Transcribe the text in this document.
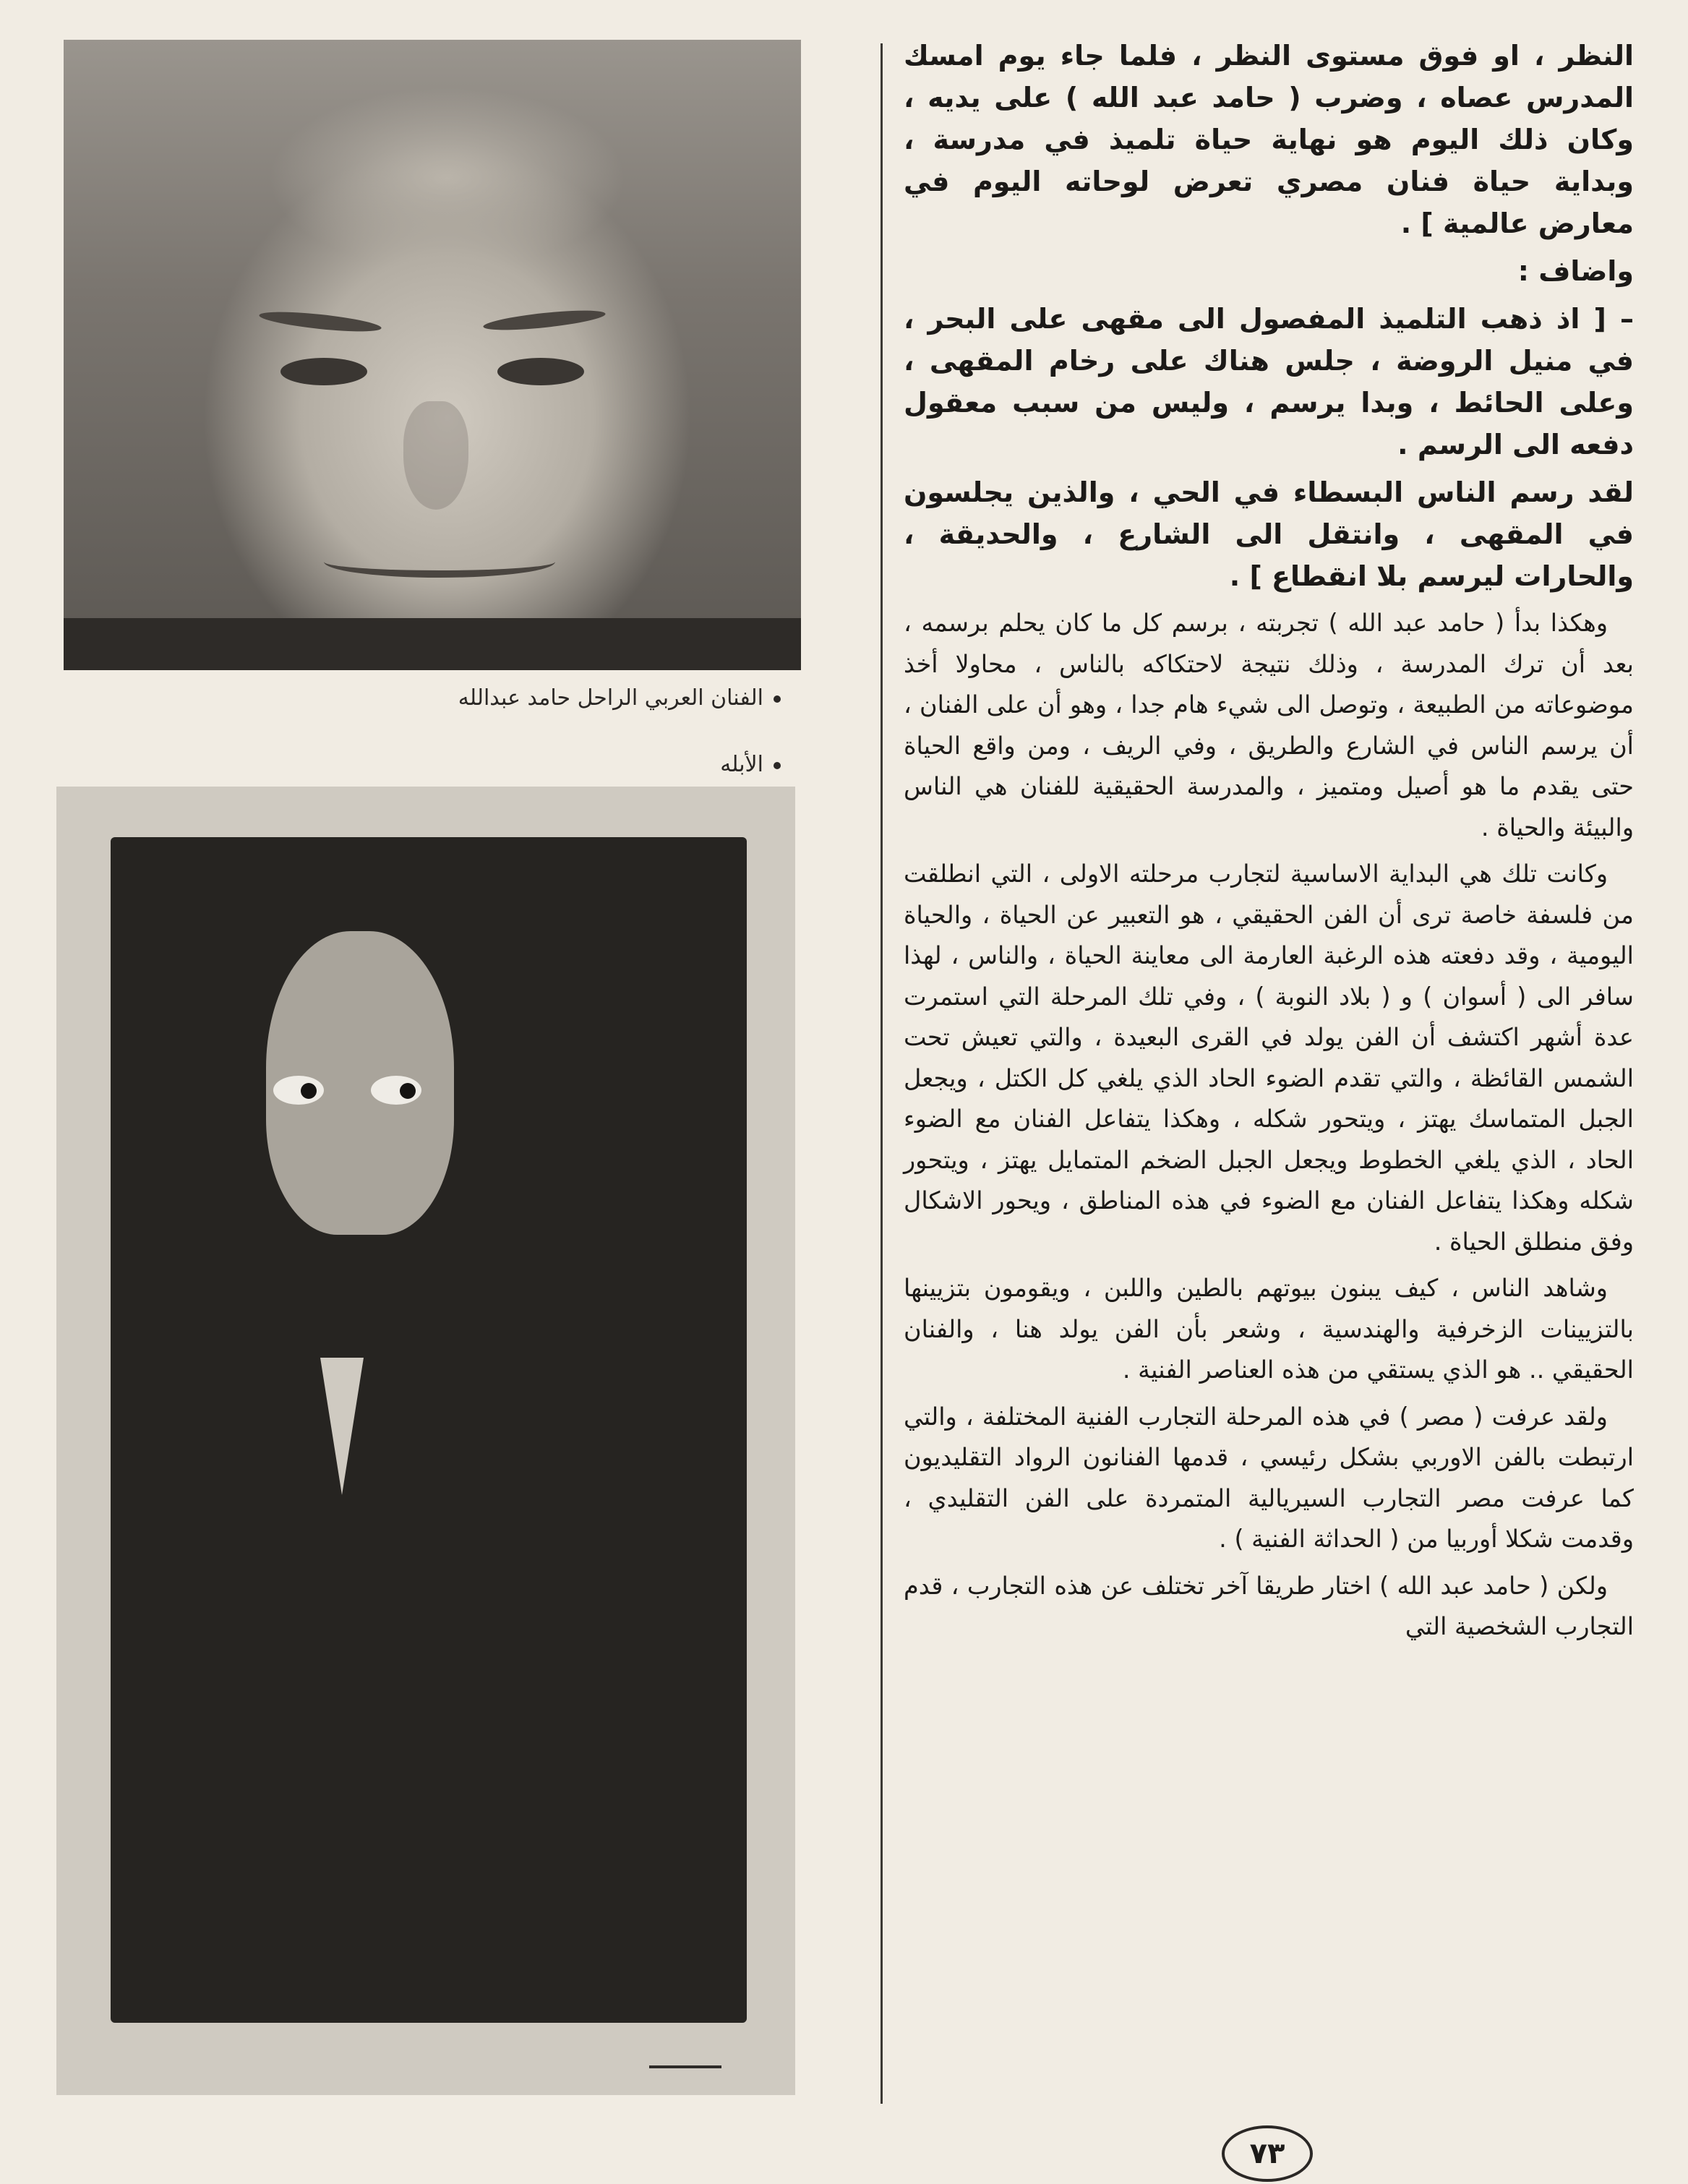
النظر ، او فوق مستوى النظر ، فلما جاء يوم امسك المدرس عصاه ، وضرب ( حامد عبد الله ) على يديه ، وكان ذلك اليوم هو نهاية حياة تلميذ في مدرسة ، وبداية حياة فنان مصري تعرض لوحاته اليوم في معارض عالمية ] .

واضاف :

– [ اذ ذهب التلميذ المفصول الى مقهى على البحر ، في منيل الروضة ، جلس هناك على رخام المقهى ، وعلى الحائط ، وبدا يرسم ، وليس من سبب معقول دفعه الى الرسم .

لقد رسم الناس البسطاء في الحي ، والذين يجلسون في المقهى ، وانتقل الى الشارع ، والحديقة ، والحارات ليرسم بلا انقطاع ] .

وهكذا بدأ ( حامد عبد الله ) تجربته ، برسم كل ما كان يحلم برسمه ، بعد أن ترك المدرسة ، وذلك نتيجة لاحتكاكه بالناس ، محاولا أخذ موضوعاته من الطبيعة ، وتوصل الى شيء هام جدا ، وهو أن على الفنان ، أن يرسم الناس في الشارع والطريق ، وفي الريف ، ومن واقع الحياة حتى يقدم ما هو أصيل ومتميز ، والمدرسة الحقيقية للفنان هي الناس والبيئة والحياة .

وكانت تلك هي البداية الاساسية لتجارب مرحلته الاولى ، التي انطلقت من فلسفة خاصة ترى أن الفن الحقيقي ، هو التعبير عن الحياة ، والحياة اليومية ، وقد دفعته هذه الرغبة العارمة الى معاينة الحياة ، والناس ، لهذا سافر الى ( أسوان ) و ( بلاد النوبة ) ، وفي تلك المرحلة التي استمرت عدة أشهر اكتشف أن الفن يولد في القرى البعيدة ، والتي تعيش تحت الشمس القائظة ، والتي تقدم الضوء الحاد الذي يلغي كل الكتل ، ويجعل الجبل المتماسك يهتز ، ويتحور شكله ، وهكذا يتفاعل الفنان مع الضوء الحاد ، الذي يلغي الخطوط ويجعل الجبل الضخم المتمايل يهتز ، ويتحور شكله وهكذا يتفاعل الفنان مع الضوء في هذه المناطق ، ويحور الاشكال وفق منطلق الحياة .

وشاهد الناس ، كيف يبنون بيوتهم بالطين واللبن ، ويقومون بتزيينها بالتزيينات الزخرفية والهندسية ، وشعر بأن الفن يولد هنا ، والفنان الحقيقي .. هو الذي يستقي من هذه العناصر الفنية .

ولقد عرفت ( مصر ) في هذه المرحلة التجارب الفنية المختلفة ، والتي ارتبطت بالفن الاوربي بشكل رئيسي ، قدمها الفنانون الرواد التقليديون كما عرفت مصر التجارب السيريالية المتمردة على الفن التقليدي ، وقدمت شكلا أوربيا من ( الحداثة الفنية ) .

ولكن ( حامد عبد الله ) اختار طريقا آخر تختلف عن هذه التجارب ، قدم التجارب الشخصية التي

الفنان العربي الراحل حامد عبدالله
الأبله
٧٣
